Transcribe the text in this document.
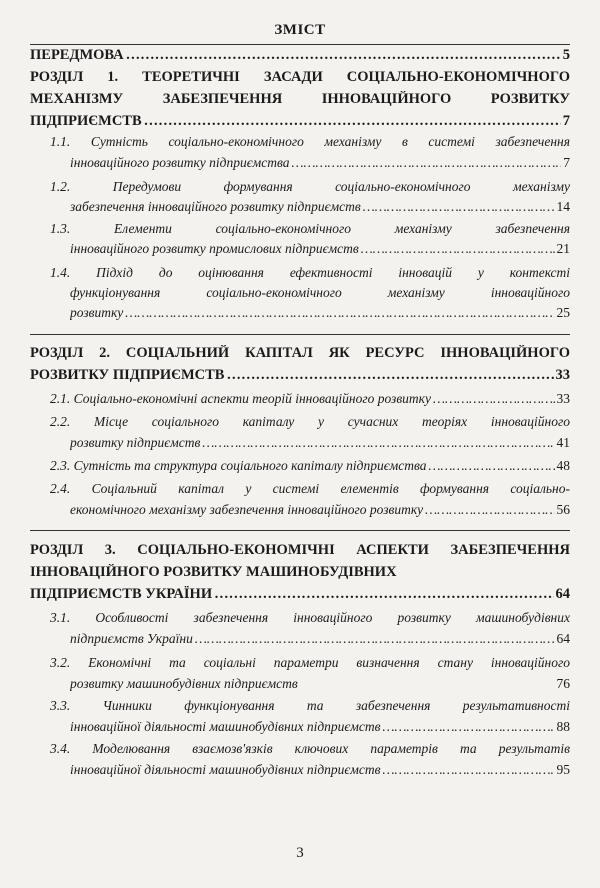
ЗМІСТ
ПЕРЕДМОВА ……………………………………………………………………………………………………………………………………	5
РОЗДІЛ 1. ТЕОРЕТИЧНІ ЗАСАДИ СОЦІАЛЬНО-ЕКОНОМІЧНОГО
МЕХАНІЗМУ ЗАБЕЗПЕЧЕННЯ ІННОВАЦІЙНОГО РОЗВИТКУ
ПІДПРИЄМСТВ ……………………………………………………………………………………………………………………………………	7
1.1. Сутність соціально-економічного механізму в системі забезпечення
інноваційного розвитку підприємства ……………………………………………………………………………………………………………………………………	7
1.2. Передумови формування соціально-економічного механізму
забезпечення інноваційного розвитку підприємств ……………………………………………………………………………………………………………………………………	14
1.3. Елементи соціально-економічного механізму забезпечення
інноваційного розвитку промислових підприємств ……………………………………………………………………………………………………………………………………	21
1.4. Підхід до оцінювання ефективності інновацій у контексті
функціонування соціально-економічного механізму інноваційного
розвитку ……………………………………………………………………………………………………………………………………	25
РОЗДІЛ 2. СОЦІАЛЬНИЙ КАПІТАЛ ЯК РЕСУРС ІННОВАЦІЙНОГО
РОЗВИТКУ ПІДПРИЄМСТВ ……………………………………………………………………………………………………………………………………	33
2.1. Соціально-економічні аспекти теорій інноваційного розвитку ……………………………………………………………………………………………………………………………………	33
2.2. Місце соціального капіталу у сучасних теоріях інноваційного
розвитку підприємств ……………………………………………………………………………………………………………………………………	41
2.3. Сутність та структура соціального капіталу підприємства ……………………………………………………………………………………………………………………………………	48
2.4. Соціальний капітал у системі елементів формування соціально-
економічного механізму забезпечення інноваційного розвитку ……………………………………………………………………………………………………………………………………	56
РОЗДІЛ 3. СОЦІАЛЬНО-ЕКОНОМІЧНІ АСПЕКТИ ЗАБЕЗПЕЧЕННЯ
ІННОВАЦІЙНОГО РОЗВИТКУ МАШИНОБУДІВНИХ
ПІДПРИЄМСТВ УКРАЇНИ ……………………………………………………………………………………………………………………………………	64
3.1. Особливості забезпечення інноваційного розвитку машинобудівних
підприємств України ……………………………………………………………………………………………………………………………………	64
3.2. Економічні та соціальні параметри визначення стану інноваційного
розвитку машинобудівних підприємств	76
3.3. Чинники функціонування та забезпечення результативності
інноваційної діяльності машинобудівних підприємств ……………………………………………………………………………………………………………………………………	88
3.4. Моделювання взаємозв'язків ключових параметрів та результатів
інноваційної діяльності машинобудівних підприємств ……………………………………………………………………………………………………………………………………	95
3
